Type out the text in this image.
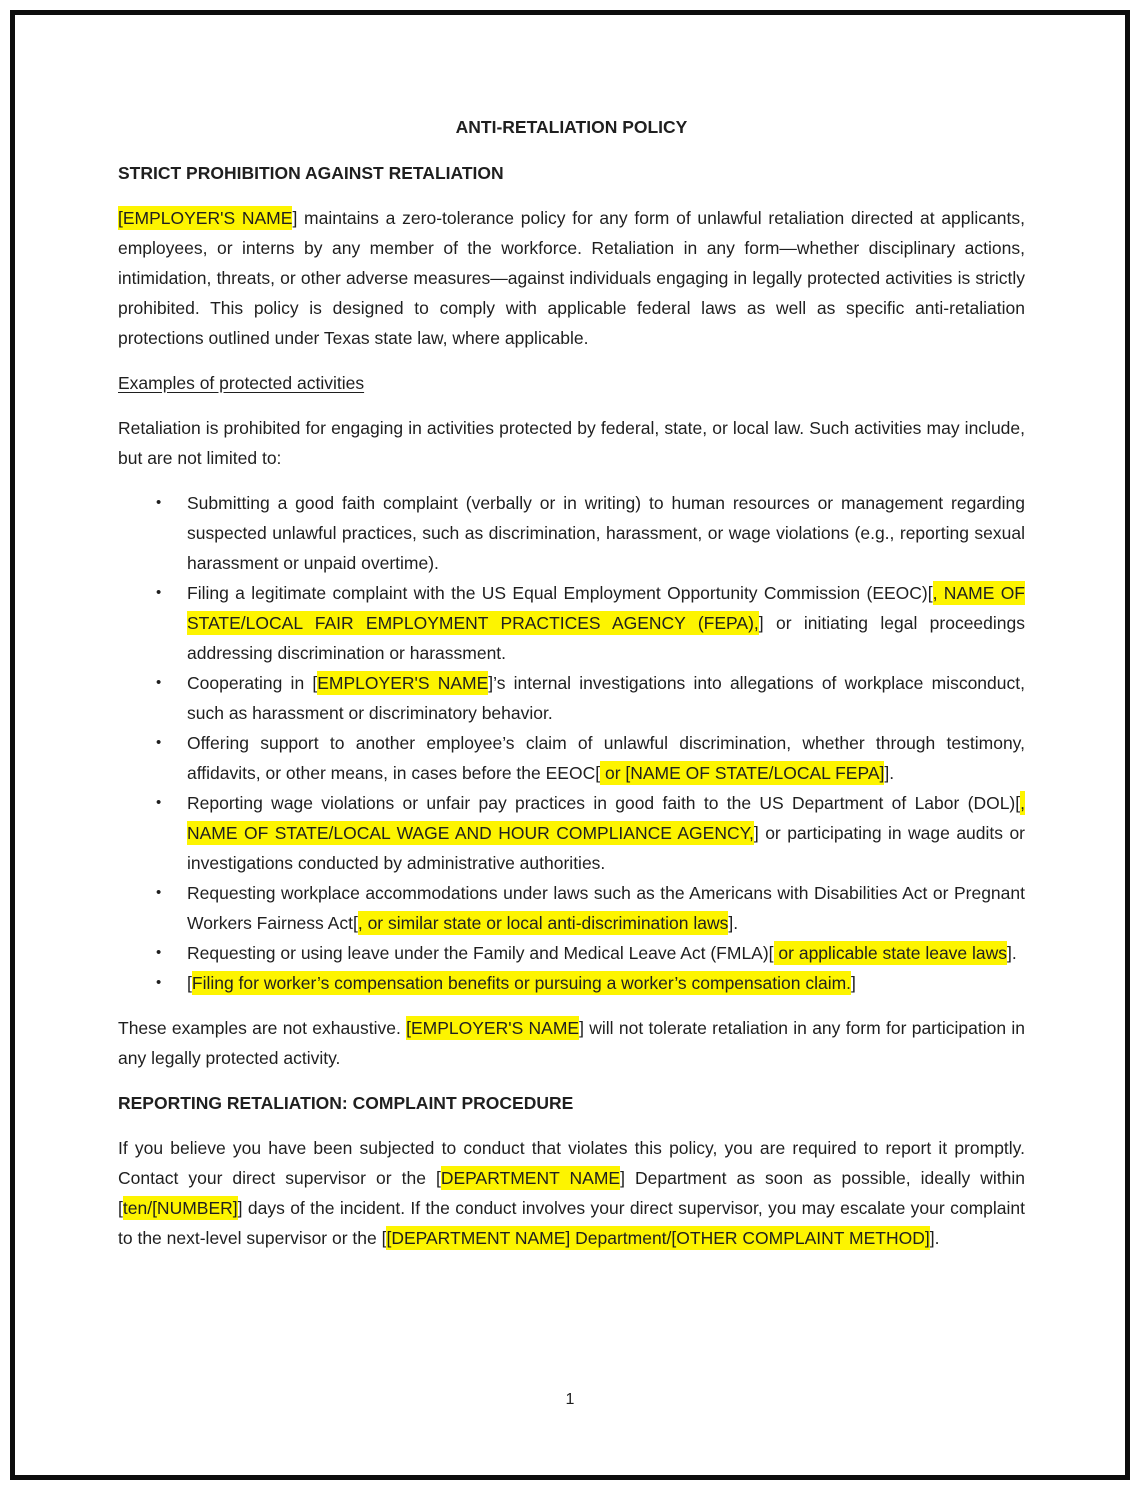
ANTI-RETALIATION POLICY

STRICT PROHIBITION AGAINST RETALIATION

[EMPLOYER'S NAME] maintains a zero-tolerance policy for any form of unlawful retaliation directed at applicants, employees, or interns by any member of the workforce. Retaliation in any form—whether disciplinary actions, intimidation, threats, or other adverse measures—against individuals engaging in legally protected activities is strictly prohibited. This policy is designed to comply with applicable federal laws as well as specific anti-retaliation protections outlined under Texas state law, where applicable.

Examples of protected activities

Retaliation is prohibited for engaging in activities protected by federal, state, or local law. Such activities may include, but are not limited to:

• Submitting a good faith complaint (verbally or in writing) to human resources or management regarding suspected unlawful practices, such as discrimination, harassment, or wage violations (e.g., reporting sexual harassment or unpaid overtime).
• Filing a legitimate complaint with the US Equal Employment Opportunity Commission (EEOC)[, NAME OF STATE/LOCAL FAIR EMPLOYMENT PRACTICES AGENCY (FEPA),] or initiating legal proceedings addressing discrimination or harassment.
• Cooperating in [EMPLOYER'S NAME]’s internal investigations into allegations of workplace misconduct, such as harassment or discriminatory behavior.
• Offering support to another employee’s claim of unlawful discrimination, whether through testimony, affidavits, or other means, in cases before the EEOC[ or [NAME OF STATE/LOCAL FEPA]].
• Reporting wage violations or unfair pay practices in good faith to the US Department of Labor (DOL)[, NAME OF STATE/LOCAL WAGE AND HOUR COMPLIANCE AGENCY,] or participating in wage audits or investigations conducted by administrative authorities.
• Requesting workplace accommodations under laws such as the Americans with Disabilities Act or Pregnant Workers Fairness Act[, or similar state or local anti-discrimination laws].
• Requesting or using leave under the Family and Medical Leave Act (FMLA)[ or applicable state leave laws].
• [Filing for worker’s compensation benefits or pursuing a worker’s compensation claim.]

These examples are not exhaustive. [EMPLOYER'S NAME] will not tolerate retaliation in any form for participation in any legally protected activity.

REPORTING RETALIATION: COMPLAINT PROCEDURE

If you believe you have been subjected to conduct that violates this policy, you are required to report it promptly. Contact your direct supervisor or the [DEPARTMENT NAME] Department as soon as possible, ideally within [ten/[NUMBER]] days of the incident. If the conduct involves your direct supervisor, you may escalate your complaint to the next-level supervisor or the [[DEPARTMENT NAME] Department/[OTHER COMPLAINT METHOD]].

1
